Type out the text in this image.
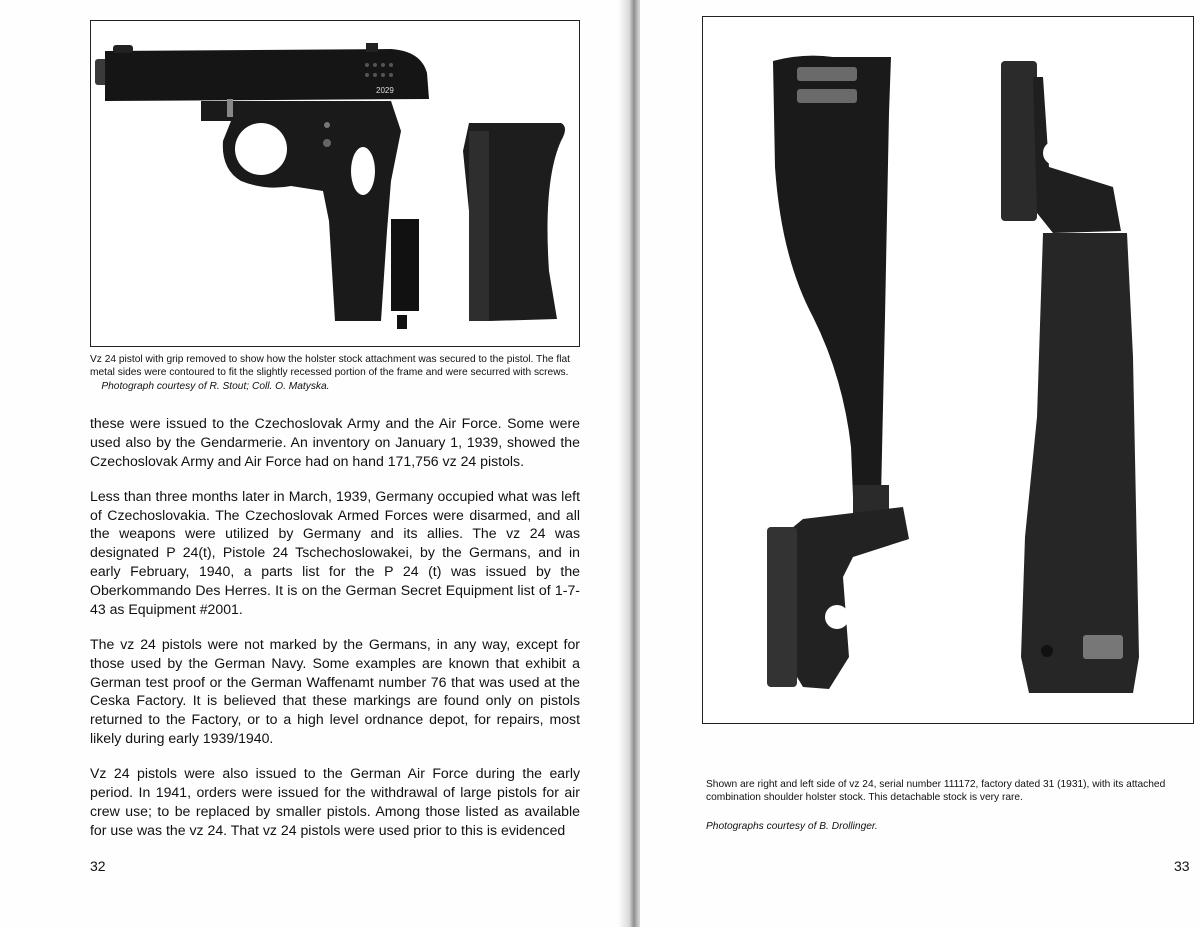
2029
Vz 24 pistol with grip removed to show how the holster stock attachment was secured to the pistol. The flat metal sides were contoured to fit the slightly recessed portion of the frame and were securred with screws.     Photograph courtesy of R. Stout; Coll. O. Matyska.

these were issued to the Czechoslovak Army and the Air Force. Some were used also by the Gendarmerie. An inventory on January 1, 1939, showed the Czechoslovak Army and Air Force had on hand 171,756 vz 24 pistols.

Less than three months later in March, 1939, Germany occupied what was left of Czechoslovakia. The Czechoslovak Armed Forces were disarmed, and all the weapons were utilized by Germany and its allies. The vz 24 was designated P 24(t), Pistole 24 Tschechoslowakei, by the Germans, and in early February, 1940, a parts list for the P 24 (t) was issued by the Oberkommando Des Herres. It is on the German Secret Equipment list of 1-7-43 as Equipment #2001.

The vz 24 pistols were not marked by the Germans, in any way, except for those used by the German Navy. Some examples are known that exhibit a German test proof or the German Waffenamt number 76 that was used at the Ceska Factory. It is believed that these markings are found only on pistols returned to the Factory, or to a high level ordnance depot, for repairs, most likely during early 1939/1940.

Vz 24 pistols were also issued to the German Air Force during the early period. In 1941, orders were issued for the withdrawal of large pistols for air crew use; to be replaced by smaller pistols. Among those listed as available for use was the vz 24. That vz 24 pistols were used prior to this is evidenced

32
Shown are right and left side of vz 24, serial number 111172, factory dated 31 (1931), with its attached combination shoulder holster stock. This detachable stock is very rare.
Photographs courtesy of B. Drollinger.
33
